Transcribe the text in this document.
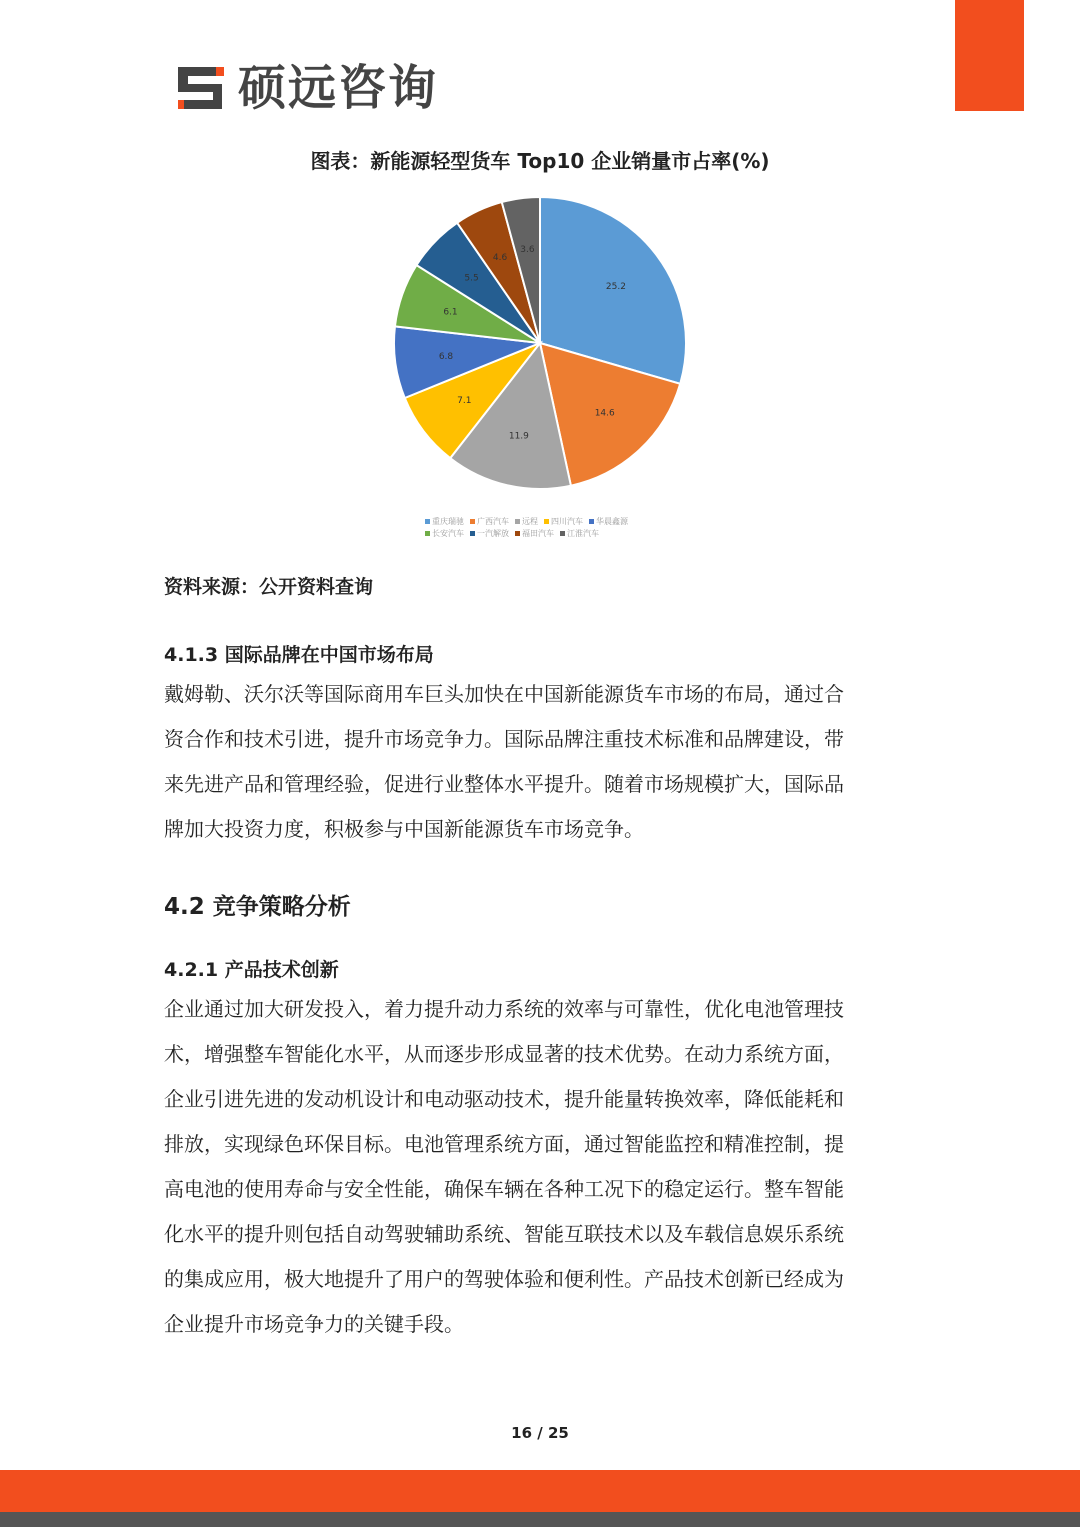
硕远咨询
图表：新能源轻型货车 Top10 企业销量市占率(%)
25.2
14.6
11.9
7.1
6.8
6.1
5.5
4.6
3.6
重庆瑞驰 广西汽车 远程 四川汽车 华晨鑫源长安汽车 一汽解放 福田汽车 江淮汽车
资料来源：公开资料查询
4.1.3 国际品牌在中国市场布局
戴姆勒、沃尔沃等国际商用车巨头加快在中国新能源货车市场的布局，通过合
资合作和技术引进，提升市场竞争力。国际品牌注重技术标准和品牌建设，带
来先进产品和管理经验，促进行业整体水平提升。随着市场规模扩大，国际品
牌加大投资力度，积极参与中国新能源货车市场竞争。
4.2 竞争策略分析
4.2.1 产品技术创新
企业通过加大研发投入，着力提升动力系统的效率与可靠性，优化电池管理技
术，增强整车智能化水平，从而逐步形成显著的技术优势。在动力系统方面，
企业引进先进的发动机设计和电动驱动技术，提升能量转换效率，降低能耗和
排放，实现绿色环保目标。电池管理系统方面，通过智能监控和精准控制，提
高电池的使用寿命与安全性能，确保车辆在各种工况下的稳定运行。整车智能
化水平的提升则包括自动驾驶辅助系统、智能互联技术以及车载信息娱乐系统
的集成应用，极大地提升了用户的驾驶体验和便利性。产品技术创新已经成为
企业提升市场竞争力的关键手段。
16 / 25
